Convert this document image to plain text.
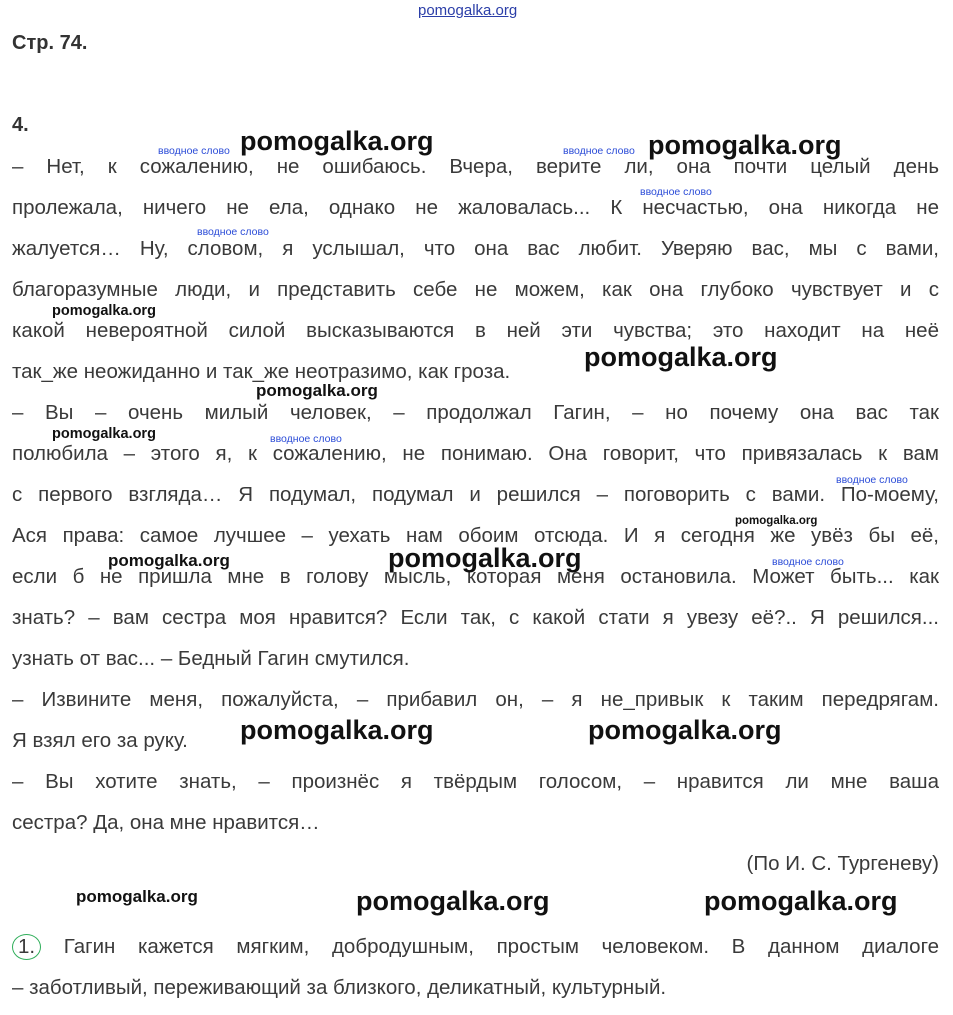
pomogalka.org
Стр. 74.
4.
– Нет, к сожалению, не ошибаюсь. Вчера, верите ли, она почти целый день
пролежала, ничего не ела, однако не жаловалась... К несчастью, она никогда не
жалуется… Ну, словом, я услышал, что она вас любит. Уверяю вас, мы с вами,
благоразумные люди, и представить себе не можем, как она глубоко чувствует и с
какой невероятной силой высказываются в ней эти чувства; это находит на неё
так_же неожиданно и так_же неотразимо, как гроза.
– Вы – очень милый человек, – продолжал Гагин, – но почему она вас так
полюбила – этого я, к сожалению, не понимаю. Она говорит, что привязалась к вам
с первого взгляда… Я подумал, подумал и решился – поговорить с вами. По-моему,
Ася права: самое лучшее – уехать нам обоим отсюда. И я сегодня же увёз бы её,
если б не пришла мне в голову мысль, которая меня остановила. Может быть... как
знать? – вам сестра моя нравится? Если так, с какой стати я увезу её?.. Я решился...
узнать от вас... – Бедный Гагин смутился.
– Извините меня, пожалуйста, – прибавил он, – я не_привык к таким передрягам.
Я взял его за руку.
– Вы хотите знать, – произнёс я твёрдым голосом, – нравится ли мне ваша
сестра? Да, она мне нравится…
(По И. С. Тургеневу)
1. Гагин кажется мягким, добродушным, простым человеком. В данном диалоге
– заботливый, переживающий за близкого, деликатный, культурный.
вводное слово	вводное слово
вводное слово
вводное слово
вводное слово
вводное слово
вводное слово
pomogalka.org	pomogalka.org
pomogalka.org
pomogalka.org
pomogalka.org
pomogalka.org
pomogalka.org
pomogalka.org
pomogalka.org
pomogalka.org	pomogalka.org
pomogalka.org	pomogalka.org	pomogalka.org
